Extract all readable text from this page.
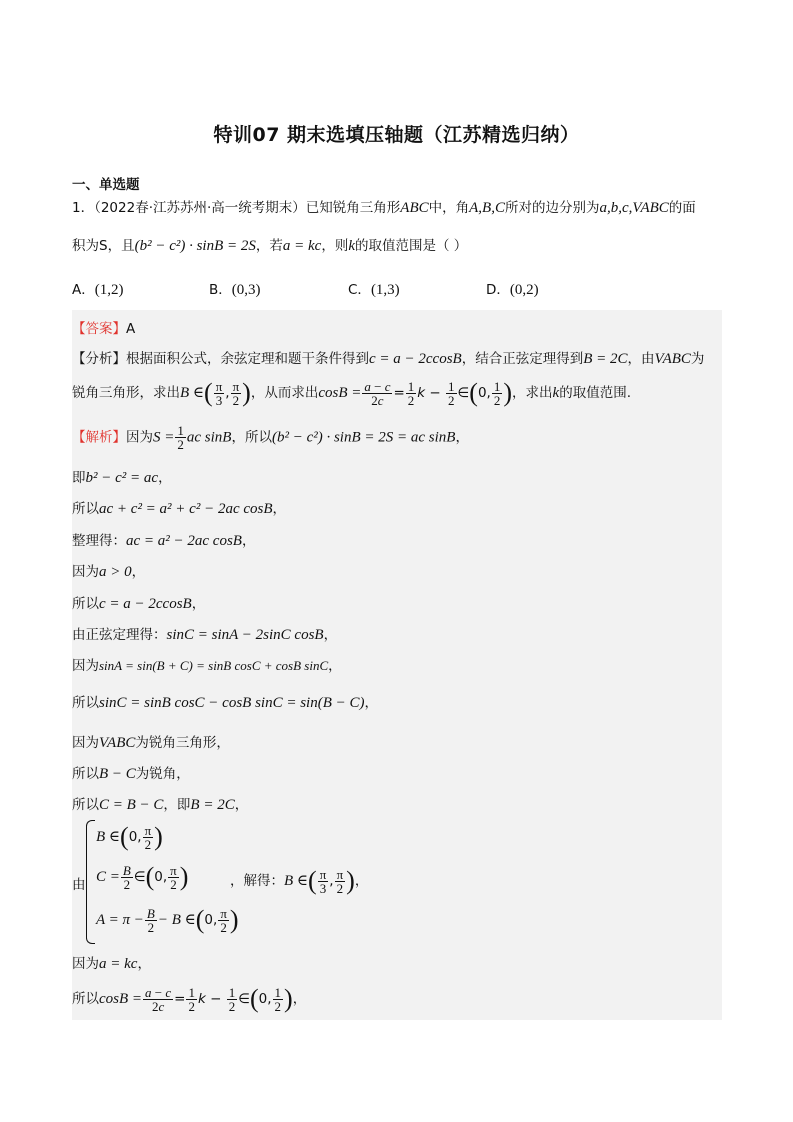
特训07 期末选填压轴题（江苏精选归纳）
一、单选题
1．（2022春·江苏苏州·高一统考期末）已知锐角三角形ABC中，角A,B,C所对的边分别为a,b,c,VABC的面
积为S，且(b² − c²) · sinB = 2S，若a = kc，则k的取值范围是（ ）
A．(1,2)	B．(0,3)	C．(1,3)	D．(0,2)
【答案】A
【分析】根据面积公式，余弦定理和题干条件得到c = a − 2ccosB，结合正弦定理得到B = 2C，由VABC为
锐角三角形，求出B ∈( $\frac{\pi}{3}$ , $\frac{\pi}{2}$ )，从而求出$\cos B = \frac{a - c}{2c} = \frac{1}{2}$ $k - \frac{1}{2}$ ∈(0, $\frac{1}{2}$ )，求出k的取值范围.
【解析】因为$S = \frac{1}{2}$ ac sinB，所以(b² − c²) · sinB = 2S = ac sinB，
即b² − c² = ac，
所以ac + c² = a² + c² − 2ac cosB，
整理得：ac = a² − 2ac cosB，
因为a > 0，
所以c = a − 2ccosB，
由正弦定理得：sinC = sinA − 2sinC cosB，
因为sinA = sin(B + C) = sinB cosC + cosB sinC，
所以sinC = sinB cosC − cosB sinC = sin(B − C)，
因为VABC为锐角三角形，
所以B − C为锐角，
所以C = B − C，即B = 2C，
由
B ∈(0, $\frac{\pi}{2}$ )
$C = \frac{B}{2}$ ∈(0, $\frac{\pi}{2}$ )
$A = \pi - \frac{B}{2} - B$ ∈(0, $\frac{\pi}{2}$ )
，解得：B ∈( $\frac{\pi}{3}$ , $\frac{\pi}{2}$ )，
因为a = kc，
所以$\cos B = \frac{a - c}{2c} = \frac{1}{2}$ $k - \frac{1}{2}$ ∈(0, $\frac{1}{2}$ )，
